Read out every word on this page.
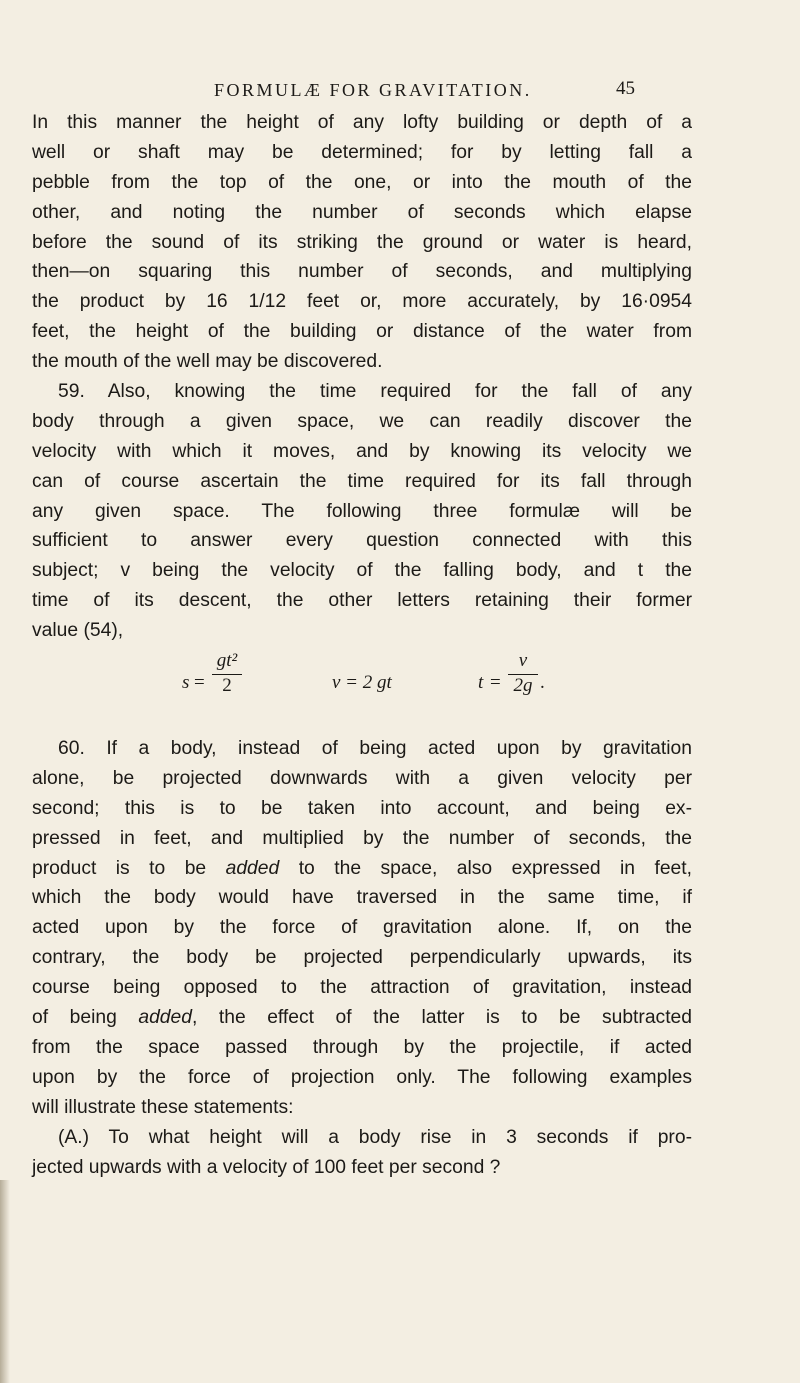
FORMULÆ FOR GRAVITATION.	45
In this manner the height of any lofty building or depth of a
well or shaft may be determined; for by letting fall a
pebble from the top of the one, or into the mouth of the
other, and noting the number of seconds which elapse
before the sound of its striking the ground or water is heard,
then—on squaring this number of seconds, and multiplying
the product by 16 1/12 feet or, more accurately, by 16·0954
feet, the height of the building or distance of the water from
the mouth of the well may be discovered.
59. Also, knowing the time required for the fall of any
body through a given space, we can readily discover the
velocity with which it moves, and by knowing its velocity we
can of course ascertain the time required for its fall through
any given space. The following three formulæ will be
sufficient to answer every question connected with this
subject; v being the velocity of the falling body, and t the
time of its descent, the other letters retaining their former
value (54),
s =
gt²
2	v = 2 gt	t =
v
2g .
60. If a body, instead of being acted upon by gravitation
alone, be projected downwards with a given velocity per
second; this is to be taken into account, and being ex-
pressed in feet, and multiplied by the number of seconds, the
product is to be added to the space, also expressed in feet,
which the body would have traversed in the same time, if
acted upon by the force of gravitation alone. If, on the
contrary, the body be projected perpendicularly upwards, its
course being opposed to the attraction of gravitation, instead
of being added, the effect of the latter is to be subtracted
from the space passed through by the projectile, if acted
upon by the force of projection only. The following examples
will illustrate these statements:
(A.) To what height will a body rise in 3 seconds if pro-
jected upwards with a velocity of 100 feet per second ?
